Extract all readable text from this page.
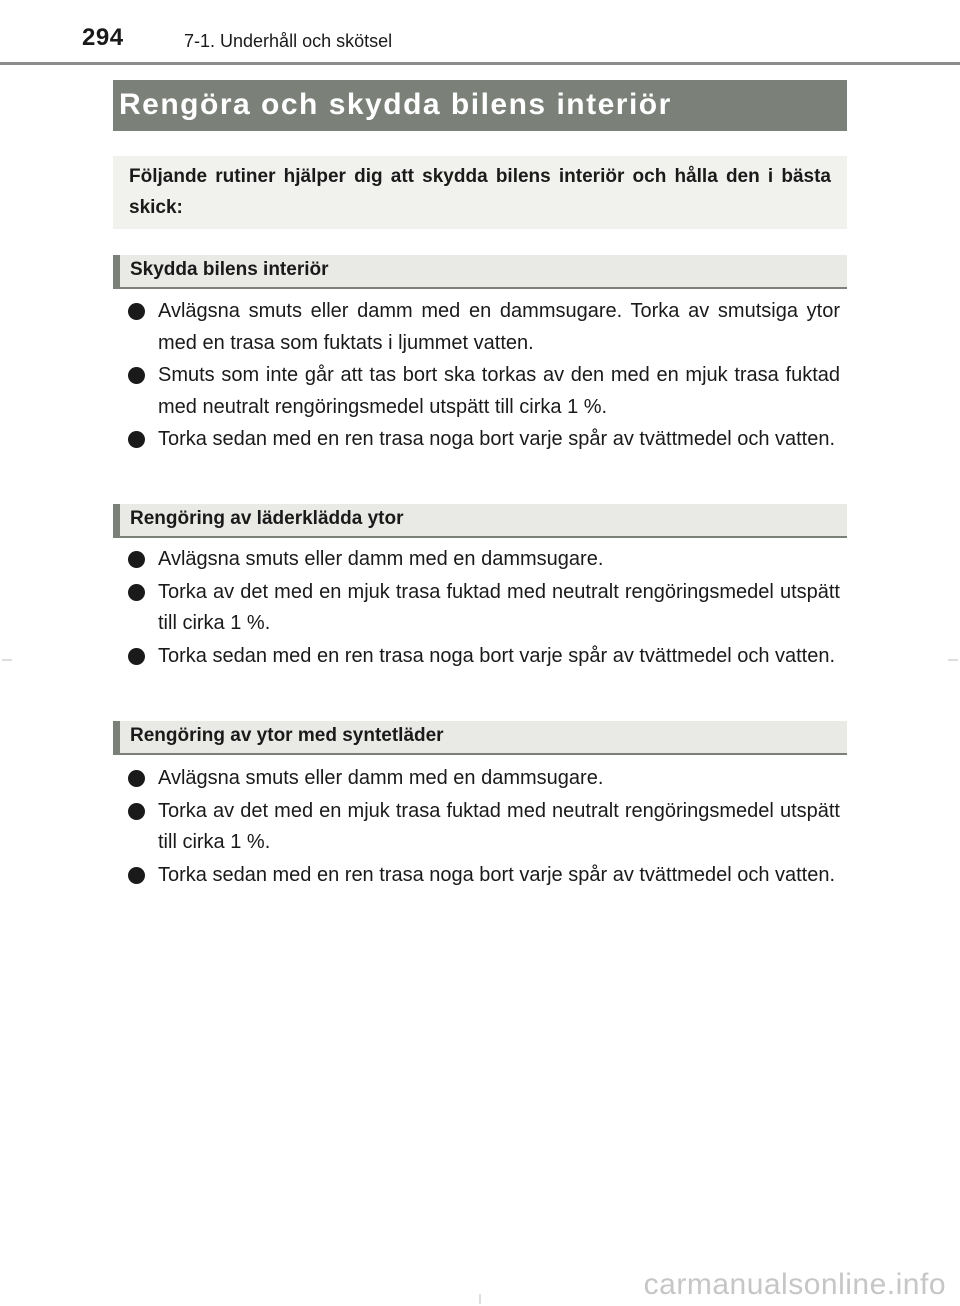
294	7-1. Underhåll och skötsel
Rengöra och skydda bilens interiör

Följande rutiner hjälper dig att skydda bilens interiör och hålla den i bästa skick:

Skydda bilens interiör
Avlägsna smuts eller damm med en dammsugare. Torka av smutsiga ytor med en trasa som fuktats i ljummet vatten.
Smuts som inte går att tas bort ska torkas av den med en mjuk trasa fuktad med neutralt rengöringsmedel utspätt till cirka 1 %.
Torka sedan med en ren trasa noga bort varje spår av tvättmedel och vatten.
Rengöring av läderklädda ytor
Avlägsna smuts eller damm med en dammsugare.
Torka av det med en mjuk trasa fuktad med neutralt rengöringsmedel utspätt till cirka 1 %.
Torka sedan med en ren trasa noga bort varje spår av tvättmedel och vatten.
Rengöring av ytor med syntetläder
Avlägsna smuts eller damm med en dammsugare.
Torka av det med en mjuk trasa fuktad med neutralt rengöringsmedel utspätt till cirka 1 %.
Torka sedan med en ren trasa noga bort varje spår av tvättmedel och vatten.
carmanualsonline.info
